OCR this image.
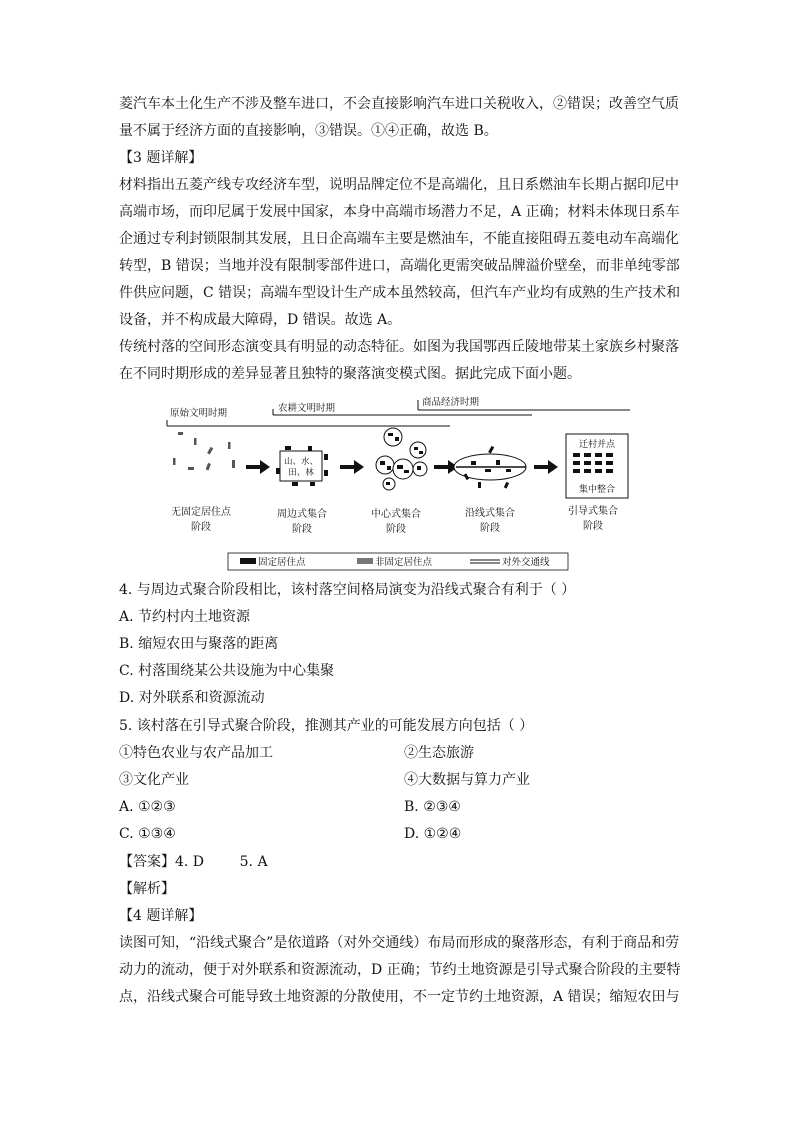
菱汽车本土化生产不涉及整车进口，不会直接影响汽车进口关税收入，②错误；改善空气质
量不属于经济方面的直接影响，③错误。①④正确，故选 B。
【3 题详解】
材料指出五菱产线专攻经济车型，说明品牌定位不是高端化，且日系燃油车长期占据印尼中
高端市场，而印尼属于发展中国家，本身中高端市场潜力不足，A 正确；材料未体现日系车
企通过专利封锁限制其发展，且日企高端车主要是燃油车，不能直接阻碍五菱电动车高端化
转型，B 错误；当地并没有限制零部件进口，高端化更需突破品牌溢价壁垒，而非单纯零部
件供应问题，C 错误；高端车型设计生产成本虽然较高，但汽车产业均有成熟的生产技术和
设备，并不构成最大障碍，D 错误。故选 A。
传统村落的空间形态演变具有明显的动态特征。如图为我国鄂西丘陵地带某土家族乡村聚落
在不同时期形成的差异显著且独特的聚落演变模式图。据此完成下面小题。
原始文明时期	农耕文明时期
商品经济时期
山、水、
田、林
迁村并点
集中整合
无固定居住点
阶段
周边式集合
阶段
中心式集合
阶段
沿线式集合
阶段
引导式集合
阶段
固定居住点	非固定居住点	对外交通线
4. 与周边式聚合阶段相比，该村落空间格局演变为沿线式聚合有利于（ ）
A. 节约村内土地资源
B. 缩短农田与聚落的距离
C. 村落围绕某公共设施为中心集聚
D. 对外联系和资源流动
5. 该村落在引导式聚合阶段，推测其产业的可能发展方向包括（ ）
①特色农业与农产品加工	②生态旅游
③文化产业	④大数据与算力产业
A. ①②③	B. ②③④
C. ①③④	D. ①②④
【答案】4. D        5. A
【解析】
【4 题详解】
读图可知，“沿线式聚合”是依道路（对外交通线）布局而形成的聚落形态，有利于商品和劳
动力的流动，便于对外联系和资源流动，D 正确；节约土地资源是引导式聚合阶段的主要特
点，沿线式聚合可能导致土地资源的分散使用，不一定节约土地资源，A 错误；缩短农田与
